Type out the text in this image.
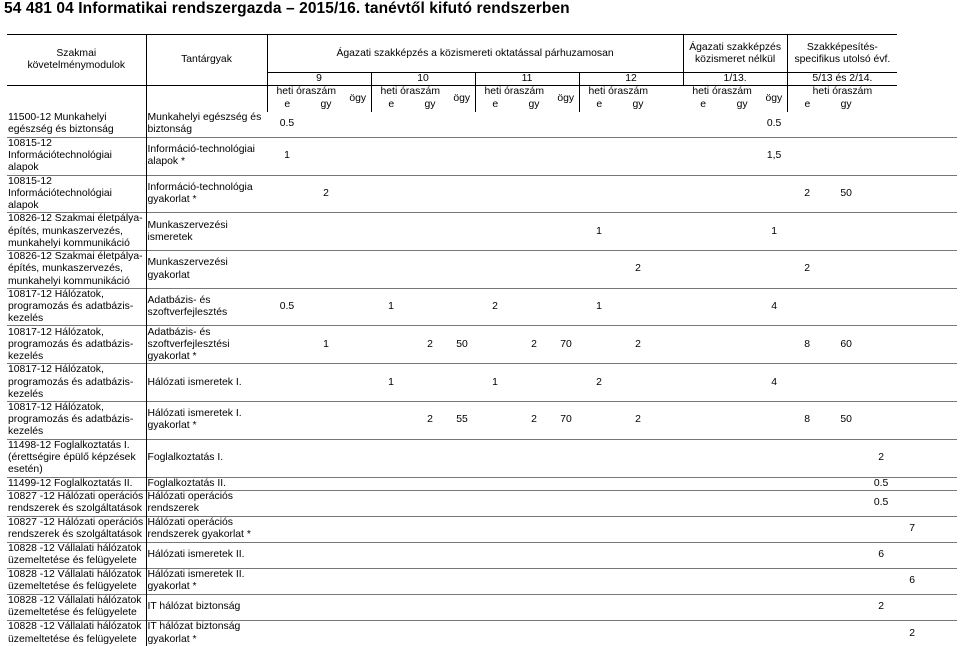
54 481 04 Informatikai rendszergazda – 2015/16. tanévtől kifutó rendszerben
Szakmai követelménymodulok	Tantárgyak	Ágazati szakképzés a közismereti oktatással párhuzamosan												Ágazati szakképzés közismeret nélkül			Szakképesítés-specifikus utolsó évf.				
		9			10			11			12			1/13.			5/13 és 2/14.				
		heti óraszám		ögy	heti óraszám		ögy	heti óraszám		ögy	heti óraszám			heti óraszám		ögy	heti óraszám				
		e	gy		e	gy		e	gy		e	gy		e	gy		e	gy			
11500-12 Munkahelyi egészség és biztonság	Munkahelyi egészség és biztonság	0.5														0.5					
10815-12 Információtechnológiai alapok	Információ-technológiai alapok *	1														1,5					
10815-12 Információtechnológiai alapok	Információ-technológia gyakorlat *		2														2	50			
10826-12 Szakmai életpálya-építés, munkaszervezés, munkahelyi kommunikáció	Munkaszervezési ismeretek										1					1					
10826-12 Szakmai életpálya-építés, munkaszervezés, munkahelyi kommunikáció	Munkaszervezési gyakorlat											2					2				
10817-12 Hálózatok, programozás és adatbázis-kezelés	Adatbázis- és szoftverfejlesztés	0.5			1			2			1					4					
10817-12 Hálózatok, programozás és adatbázis-kezelés	Adatbázis- és szoftverfejlesztési gyakorlat *		1			2	50		2	70		2					8	60			
10817-12 Hálózatok, programozás és adatbázis-kezelés	Hálózati ismeretek I.				1			1			2					4					
10817-12 Hálózatok, programozás és adatbázis-kezelés	Hálózati ismeretek I. gyakorlat *					2	55		2	70		2					8	50			
11498-12 Foglalkoztatás I. (érettségire épülő képzések esetén)	Foglalkoztatás I.																		2		
11499-12 Foglalkoztatás II.	Foglalkoztatás II.																		0.5		
10827 -12 Hálózati operációs rendszerek és szolgáltatások	Hálózati operációs rendszerek																		0.5		
10827 -12 Hálózati operációs rendszerek és szolgáltatások	Hálózati operációs rendszerek gyakorlat *																			7	
10828 -12 Vállalati hálózatok üzemeltetése és felügyelete	Hálózati ismeretek II.																		6		
10828 -12 Vállalati hálózatok üzemeltetése és felügyelete	Hálózati ismeretek II. gyakorlat *																			6	
10828 -12 Vállalati hálózatok üzemeltetése és felügyelete	IT hálózat biztonság																		2		
10828 -12 Vállalati hálózatok üzemeltetése és felügyelete	IT hálózat biztonság gyakorlat *																			2	
